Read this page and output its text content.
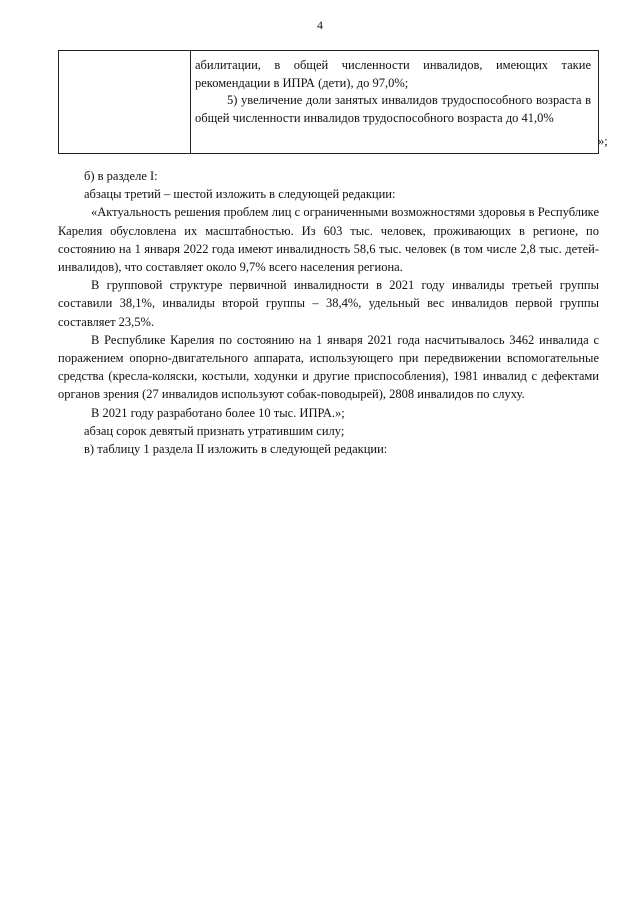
4

абилитации, в общей численности инвалидов, имеющих такие рекомендации в ИПРА (дети), до 97,0%;

5) увеличение доли занятых инвалидов трудоспособного возраста в общей численности инвалидов трудоспособного возраста до 41,0%

»;

б) в разделе I:

абзацы третий – шестой изложить в следующей редакции:

«Актуальность решения проблем лиц с ограниченными возможностями здоровья в Республике Карелия обусловлена их масштабностью. Из 603 тыс. человек, проживающих в регионе, по состоянию на 1 января 2022 года имеют инвалидность 58,6 тыс. человек (в том числе 2,8 тыс. детей-инвалидов), что составляет около 9,7% всего населения региона.

В групповой структуре первичной инвалидности в 2021 году инвалиды третьей группы составили 38,1%, инвалиды второй группы – 38,4%, удельный вес инвалидов первой группы составляет 23,5%.

В Республике Карелия по состоянию на 1 января 2021 года насчитывалось 3462 инвалида с поражением опорно-двигательного аппарата, использующего при передвижении вспомогательные средства (кресла-коляски, костыли, ходунки и другие приспособления), 1981 инвалид с дефектами органов зрения (27 инвалидов используют собак-поводырей), 2808 инвалидов по слуху.

В 2021 году разработано более 10 тыс. ИПРА.»;

абзац сорок девятый признать утратившим силу;

в) таблицу 1 раздела II изложить в следующей редакции:
